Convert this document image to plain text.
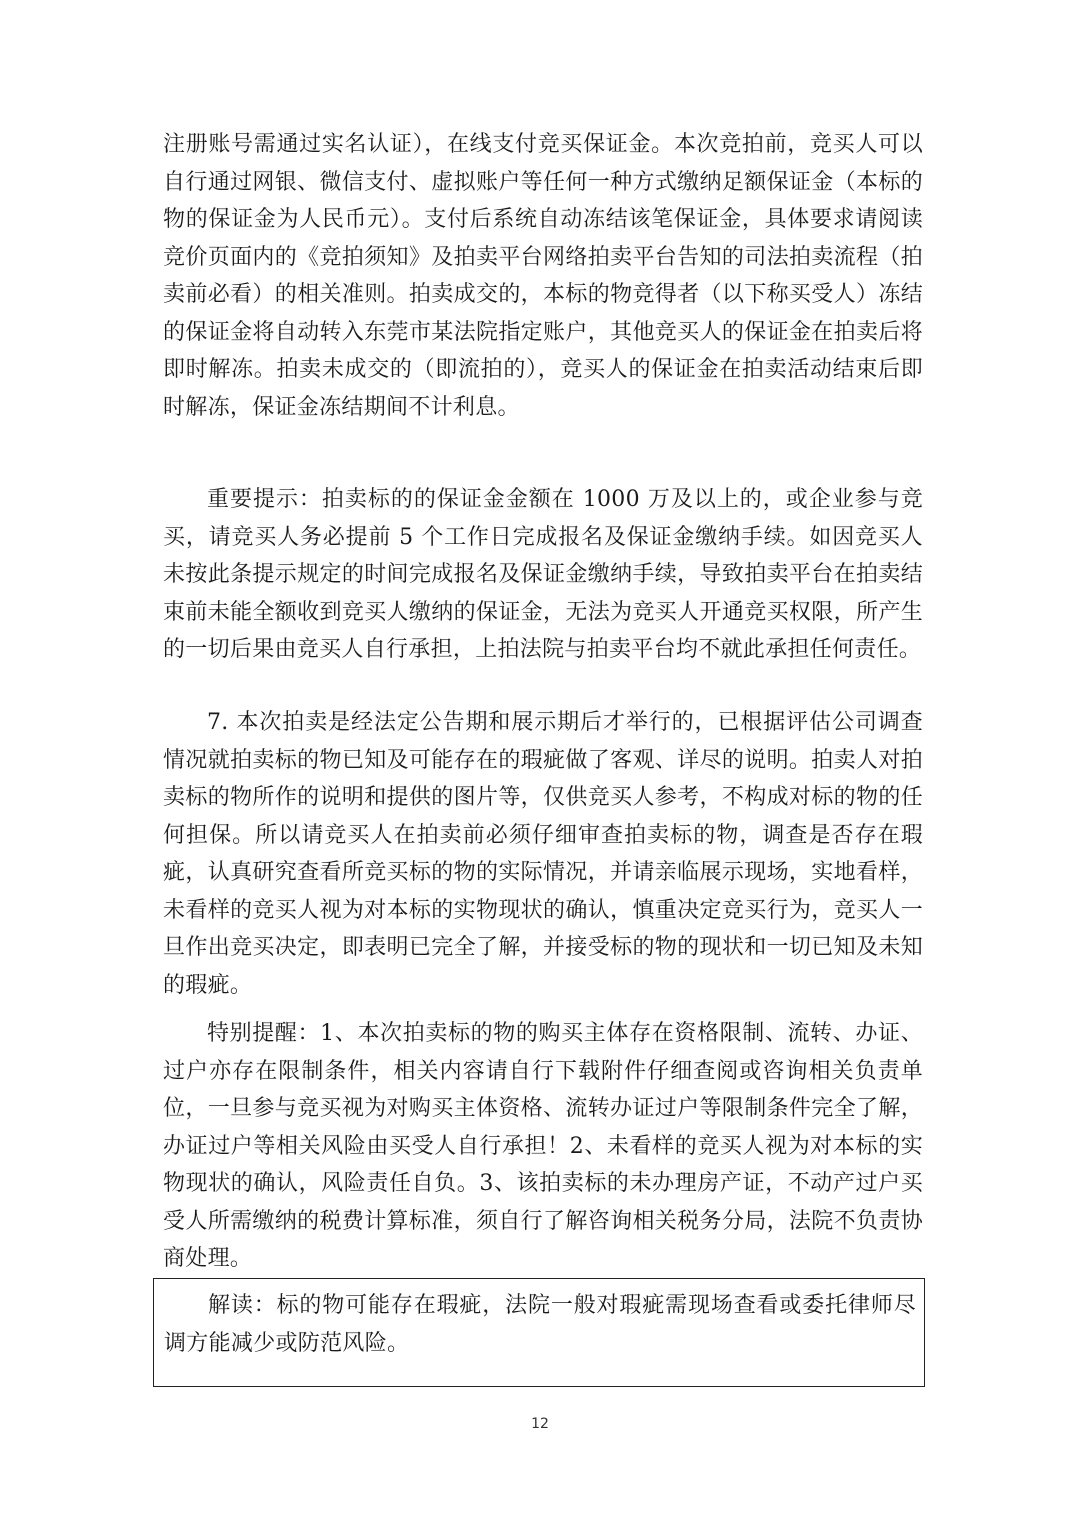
注册账号需通过实名认证），在线支付竞买保证金。本次竞拍前，竞买人可以自行通过网银、微信支付、虚拟账户等任何一种方式缴纳足额保证金（本标的物的保证金为人民币元）。支付后系统自动冻结该笔保证金，具体要求请阅读竞价页面内的《竞拍须知》及拍卖平台网络拍卖平台告知的司法拍卖流程（拍卖前必看）的相关准则。拍卖成交的，本标的物竞得者（以下称买受人）冻结的保证金将自动转入东莞市某法院指定账户，其他竞买人的保证金在拍卖后将即时解冻。拍卖未成交的（即流拍的），竞买人的保证金在拍卖活动结束后即时解冻，保证金冻结期间不计利息。

重要提示：拍卖标的的保证金金额在 1000 万及以上的，或企业参与竞买，请竞买人务必提前 5 个工作日完成报名及保证金缴纳手续。如因竞买人未按此条提示规定的时间完成报名及保证金缴纳手续，导致拍卖平台在拍卖结束前未能全额收到竞买人缴纳的保证金，无法为竞买人开通竞买权限，所产生的一切后果由竞买人自行承担，上拍法院与拍卖平台均不就此承担任何责任。

7. 本次拍卖是经法定公告期和展示期后才举行的，已根据评估公司调查情况就拍卖标的物已知及可能存在的瑕疵做了客观、详尽的说明。拍卖人对拍卖标的物所作的说明和提供的图片等，仅供竞买人参考，不构成对标的物的任何担保。所以请竞买人在拍卖前必须仔细审查拍卖标的物，调查是否存在瑕疵，认真研究查看所竞买标的物的实际情况，并请亲临展示现场，实地看样，未看样的竞买人视为对本标的实物现状的确认，慎重决定竞买行为，竞买人一旦作出竞买决定，即表明已完全了解，并接受标的物的现状和一切已知及未知的瑕疵。

特别提醒：1、本次拍卖标的物的购买主体存在资格限制、流转、办证、过户亦存在限制条件，相关内容请自行下载附件仔细查阅或咨询相关负责单位，一旦参与竞买视为对购买主体资格、流转办证过户等限制条件完全了解，办证过户等相关风险由买受人自行承担！2、未看样的竞买人视为对本标的实物现状的确认，风险责任自负。3、该拍卖标的未办理房产证，不动产过户买受人所需缴纳的税费计算标准，须自行了解咨询相关税务分局，法院不负责协商处理。

解读：标的物可能存在瑕疵，法院一般对瑕疵需现场查看或委托律师尽调方能减少或防范风险。

12
